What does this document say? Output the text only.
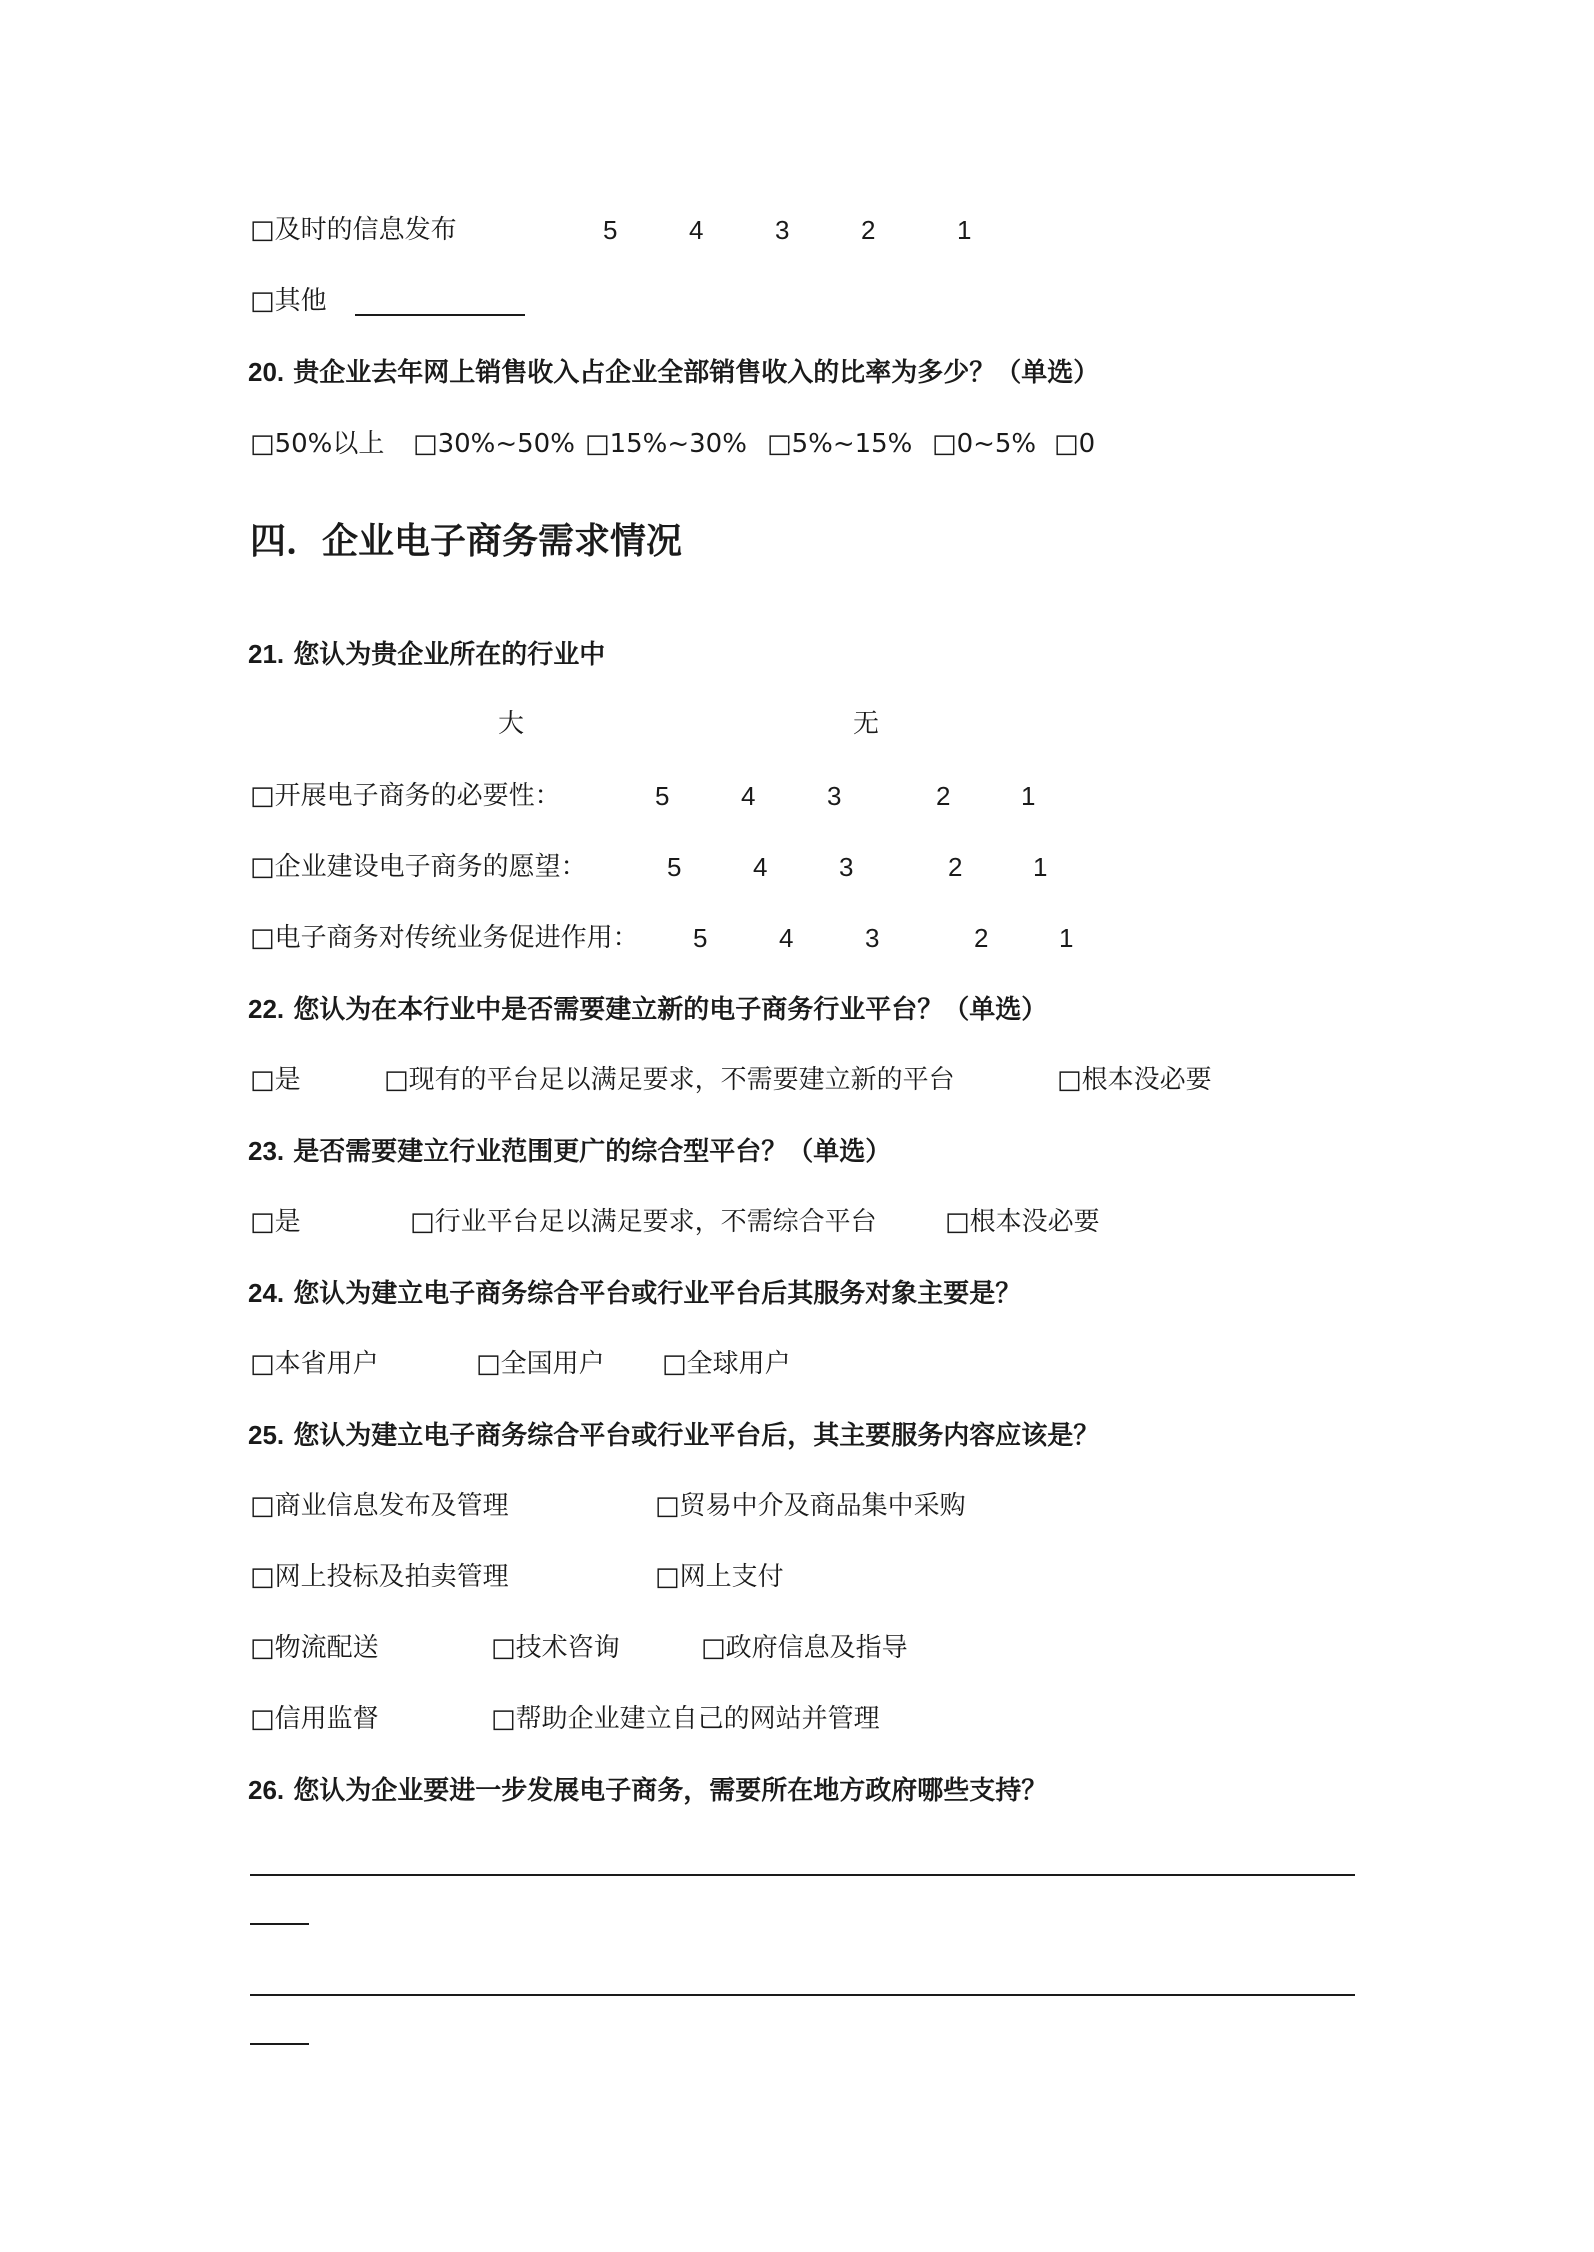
□及时的信息发布	5	4	3	2	1
□其他
20. 贵企业去年网上销售收入占企业全部销售收入的比率为多少？（单选）
□50%以上 □30%~50% □15%~30% □5%~15% □0~5% □0
四．企业电子商务需求情况
21. 您认为贵企业所在的行业中
大	无
□开展电子商务的必要性：	5	4	3	2	1
□企业建设电子商务的愿望：	5	4	3	2	1
□电子商务对传统业务促进作用： 5	4	3	2	1
22. 您认为在本行业中是否需要建立新的电子商务行业平台？（单选）
□是	□现有的平台足以满足要求，不需要建立新的平台	□根本没必要
23. 是否需要建立行业范围更广的综合型平台？（单选）
□是	□行业平台足以满足要求，不需综合平台	□根本没必要
24. 您认为建立电子商务综合平台或行业平台后其服务对象主要是？
□本省用户	□全国用户 □全球用户
25. 您认为建立电子商务综合平台或行业平台后，其主要服务内容应该是？
□商业信息发布及管理	□贸易中介及商品集中采购
□网上投标及拍卖管理	□网上支付
□物流配送	□技术咨询	□政府信息及指导
□信用监督	□帮助企业建立自己的网站并管理
26. 您认为企业要进一步发展电子商务，需要所在地方政府哪些支持？
